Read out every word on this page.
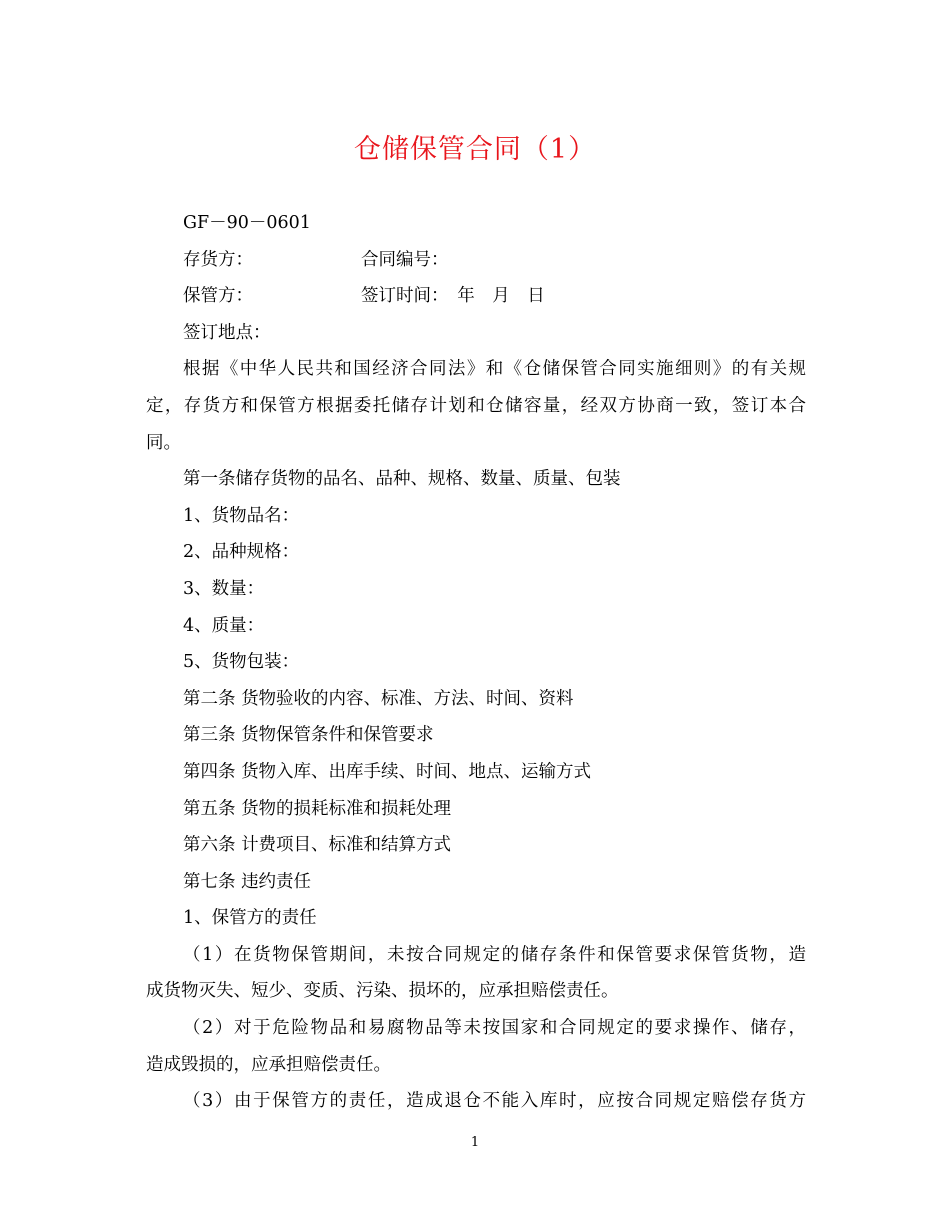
仓储保管合同（1）
GF－90－0601
存货方：	合同编号：
保管方：	签订时间：　年　月　日
签订地点：
根据《中华人民共和国经济合同法》和《仓储保管合同实施细则》的有关规
定，存货方和保管方根据委托储存计划和仓储容量，经双方协商一致，签订本合
同。
第一条储存货物的品名、品种、规格、数量、质量、包装
1、货物品名：
2、品种规格：
3、数量：
4、质量：
5、货物包装：
第二条 货物验收的内容、标准、方法、时间、资料
第三条 货物保管条件和保管要求
第四条 货物入库、出库手续、时间、地点、运输方式
第五条 货物的损耗标准和损耗处理
第六条 计费项目、标准和结算方式
第七条 违约责任
1、保管方的责任
（1）在货物保管期间，未按合同规定的储存条件和保管要求保管货物，造
成货物灭失、短少、变质、污染、损坏的，应承担赔偿责任。
（2）对于危险物品和易腐物品等未按国家和合同规定的要求操作、储存，
造成毁损的，应承担赔偿责任。
（3）由于保管方的责任，造成退仓不能入库时，应按合同规定赔偿存货方
1
